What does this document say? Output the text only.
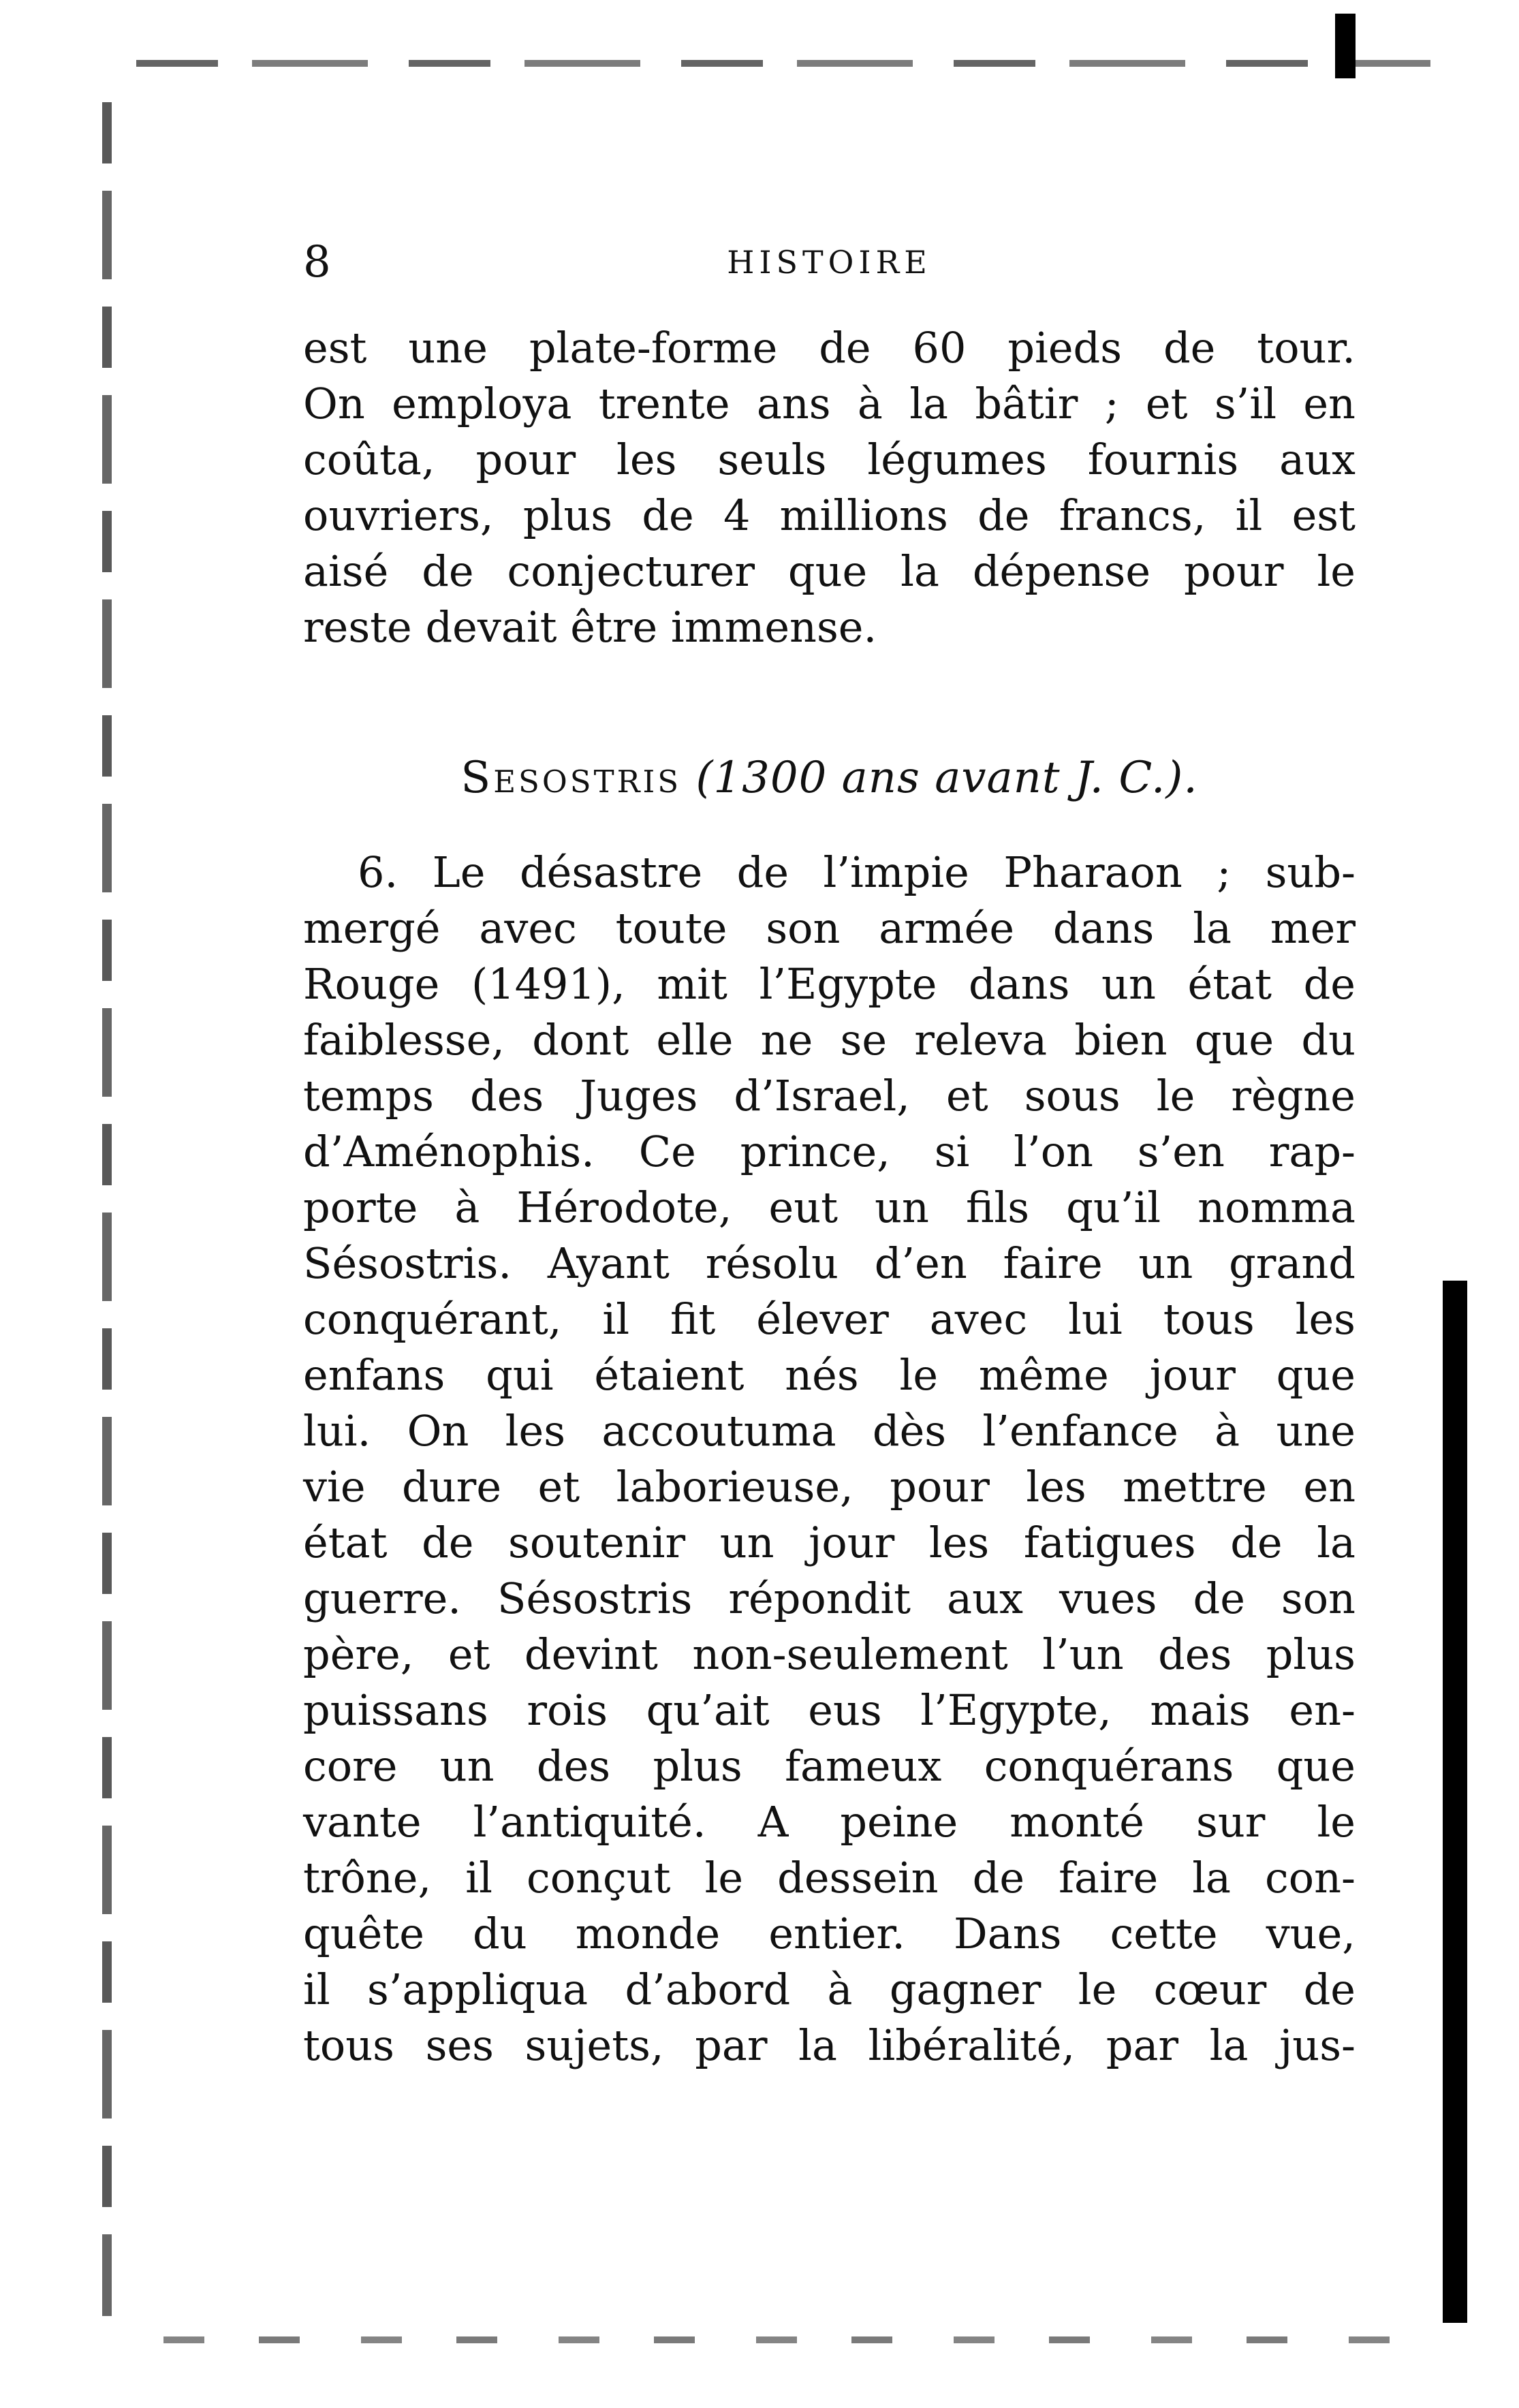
8	HISTOIRE
est une plate-forme de 60 pieds de tour.
On employa trente ans à la bâtir ; et s’il en
coûta, pour les seuls légumes fournis aux
ouvriers, plus de 4 millions de francs, il est
aisé de conjecturer que la dépense pour le
reste devait être immense.
Sesostris (1300 ans avant J. C.).
6. Le désastre de l’impie Pharaon ; sub-
mergé avec toute son armée dans la mer
Rouge (1491), mit l’Egypte dans un état de
faiblesse, dont elle ne se releva bien que du
temps des Juges d’Israel, et sous le règne
d’Aménophis. Ce prince, si l’on s’en rap-
porte à Hérodote, eut un fils qu’il nomma
Sésostris. Ayant résolu d’en faire un grand
conquérant, il fit élever avec lui tous les
enfans qui étaient nés le même jour que
lui. On les accoutuma dès l’enfance à une
vie dure et laborieuse, pour les mettre en
état de soutenir un jour les fatigues de la
guerre. Sésostris répondit aux vues de son
père, et devint non-seulement l’un des plus
puissans rois qu’ait eus l’Egypte, mais en-
core un des plus fameux conquérans que
vante l’antiquité. A peine monté sur le
trône, il conçut le dessein de faire la con-
quête du monde entier. Dans cette vue,
il s’appliqua d’abord à gagner le cœur de
tous ses sujets, par la libéralité, par la jus-
